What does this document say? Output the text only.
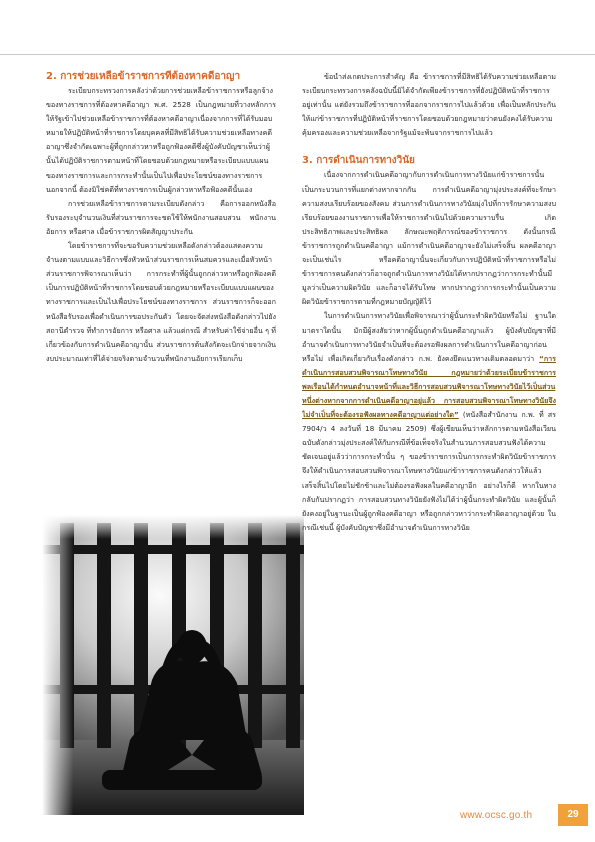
2. การช่วยเหลือข้าราชการที่ต้องหาคดีอาญา

ระเบียบกระทรวงการคลังว่าด้วยการช่วยเหลือข้าราชการหรือลูกจ้างของทางราชการที่ต้องหาคดีอาญา พ.ศ. 2528 เป็นกฎหมายที่วางหลักการให้รัฐเข้าไปช่วยเหลือข้าราชการที่ต้องหาคดีอาญาเนื่องจากการที่ได้รับมอบหมายให้ปฏิบัติหน้าที่ราชการโดยบุคคลที่มีสิทธิได้รับความช่วยเหลือทางคดีอาญาซึ่งจำกัดเฉพาะผู้ที่ถูกกล่าวหาหรือถูกฟ้องคดีซึ่งผู้บังคับบัญชาเห็นว่าผู้นั้นได้ปฏิบัติราชการตามหน้าที่โดยชอบด้วยกฎหมายหรือระเบียบแบบแผนของทางราชการและการกระทำนั้นเป็นไปเพื่อประโยชน์ของทางราชการนอกจากนี้ ต้องมิใช่คดีที่ทางราชการเป็นผู้กล่าวหาหรือฟ้องคดีนั้นเอง

การช่วยเหลือข้าราชการตามระเบียบดังกล่าว คือการออกหนังสือรับรองระบุจำนวนเงินที่ส่วนราชการจะชดใช้ให้พนักงานสอบสวน พนักงานอัยการ หรือศาล เมื่อข้าราชการผิดสัญญาประกัน

โดยข้าราชการที่จะขอรับความช่วยเหลือดังกล่าวต้องแสดงความจำนงตามแบบและวิธีการซึ่งหัวหน้าส่วนราชการเห็นสมควรและเมื่อหัวหน้าส่วนราชการพิจารณาเห็นว่า การกระทำที่ผู้นั้นถูกกล่าวหาหรือถูกฟ้องคดีเป็นการปฏิบัติหน้าที่ราชการโดยชอบด้วยกฎหมายหรือระเบียบแบบแผนของทางราชการและเป็นไปเพื่อประโยชน์ของทางราชการ ส่วนราชการก็จะออกหนังสือรับรองเพื่อดำเนินการขอประกันตัว โดยจะจัดส่งหนังสือดังกล่าวไปยังสถานีตำรวจ ที่ทำการอัยการ หรือศาล แล้วแต่กรณี สำหรับค่าใช้จ่ายอื่น ๆ ที่เกี่ยวข้องกับการดำเนินคดีอาญานั้น ส่วนราชการต้นสังกัดจะเบิกจ่ายจากเงินงบประมาณเท่าที่ได้จ่ายจริงตามจำนวนที่พนักงานอัยการเรียกเก็บ

ข้อนำส่งเกตประการสำคัญ คือ ข้าราชการที่มีสิทธิได้รับความช่วยเหลือตามระเบียบกระทรวงการคลังฉบับนี้มิได้จำกัดเพียงข้าราชการที่ยังปฏิบัติหน้าที่ราชการอยู่เท่านั้น แต่ยังรวมถึงข้าราชการที่ออกจากราชการไปแล้วด้วย เพื่อเป็นหลักประกันให้แก่ข้าราชการที่ปฏิบัติหน้าที่ราชการโดยชอบด้วยกฎหมายว่าตนยังคงได้รับความคุ้มครองและความช่วยเหลือจากรัฐแม้จะพ้นจากราชการไปแล้ว

3. การดำเนินการทางวินัย

เนื่องจากการดำเนินคดีอาญากับการดำเนินการทางวินัยแก่ข้าราชการนั้นเป็นกระบวนการที่แยกต่างหากจากกัน การดำเนินคดีอาญามุ่งประสงค์ที่จะรักษาความสงบเรียบร้อยของสังคม ส่วนการดำเนินการทางวินัยมุ่งไปที่การรักษาความสงบเรียบร้อยของงานราชการเพื่อให้ราชการดำเนินไปด้วยความราบรื่น เกิดประสิทธิภาพและประสิทธิผล ลักษณะพฤติการณ์ของข้าราชการ ดังนั้นกรณีข้าราชการถูกดำเนินคดีอาญา แม้การดำเนินคดีอาญาจะยังไม่เสร็จสิ้น ผลคดีอาญาจะเป็นเช่นไร หรือคดีอาญานั้นจะเกี่ยวกับการปฏิบัติหน้าที่ราชการหรือไม่ ข้าราชการคนดังกล่าวก็อาจถูกดำเนินการทางวินัยได้หากปรากฏว่าการกระทำนั้นมีมูลว่าเป็นความผิดวินัย และก็อาจได้รับโทษ หากปรากฏว่าการกระทำนั้นเป็นความผิดวินัยข้าราชการตามที่กฎหมายบัญญัติไว้

ในการดำเนินการทางวินัยเพื่อพิจารณาว่าผู้นั้นกระทำผิดวินัยหรือไม่ ฐานใด มาตราใดนั้น มักมีผู้สงสัยว่าหากผู้นั้นถูกดำเนินคดีอาญาแล้ว ผู้บังคับบัญชาที่มีอำนาจดำเนินการทางวินัยจำเป็นที่จะต้องรอฟังผลการดำเนินการในคดีอาญาก่อนหรือไม่ เพื่อเกิดเกี่ยวกับเรื่องดังกล่าว ก.พ. ยังคงยึดแนวทางเดิมตลอดมาว่า “การดำเนินการสอบสวนพิจารณาโทษทางวินัย กฎหมายว่าด้วยระเบียบข้าราชการพลเรือนได้กำหนดอำนาจหน้าที่และวิธีการสอบสวนพิจารณาโทษทางวินัยไว้เป็นส่วนหนึ่งต่างหากจากการดำเนินคดีอาญาอยู่แล้ว การสอบสวนพิจารณาโทษทางวินัยจึงไม่จำเป็นที่จะต้องรอฟังผลทางคดีอาญาแต่อย่างใด” (หนังสือสำนักงาน ก.พ. ที่ สร 7904/ว 4 ลงวันที่ 18 มีนาคม 2509) ซึ่งผู้เขียนเห็นว่าหลักการตามหนังสือเวียนฉบับดังกล่าวมุ่งประสงค์ให้กับกรณีที่ข้อเท็จจริงในสำนวนการสอบสวนฟังได้ความชัดเจนอยู่แล้วว่าการกระทำนั้น ๆ ของข้าราชการเป็นการกระทำผิดวินัยข้าราชการ จึงให้ดำเนินการสอบสวนพิจารณาโทษทางวินัยแก่ข้าราชการคนดังกล่าวให้แล้วเสร็จสิ้นไปโดยไม่ชักช้าและไม่ต้องรอฟังผลในคดีอาญาอีก อย่างไรก็ดี หากในทางกลับกันปรากฏว่า การสอบสวนทางวินัยยังฟังไม่ได้ว่าผู้นั้นกระทำผิดวินัย และผู้นั้นก็ยังคงอยู่ในฐานะเป็นผู้ถูกฟ้องคดีอาญา หรือถูกกล่าวหาว่ากระทำผิดอาญาอยู่ด้วย ในกรณีเช่นนี้ ผู้บังคับบัญชาซึ่งมีอำนาจดำเนินการทางวินัย

www.ocsc.go.th	29
